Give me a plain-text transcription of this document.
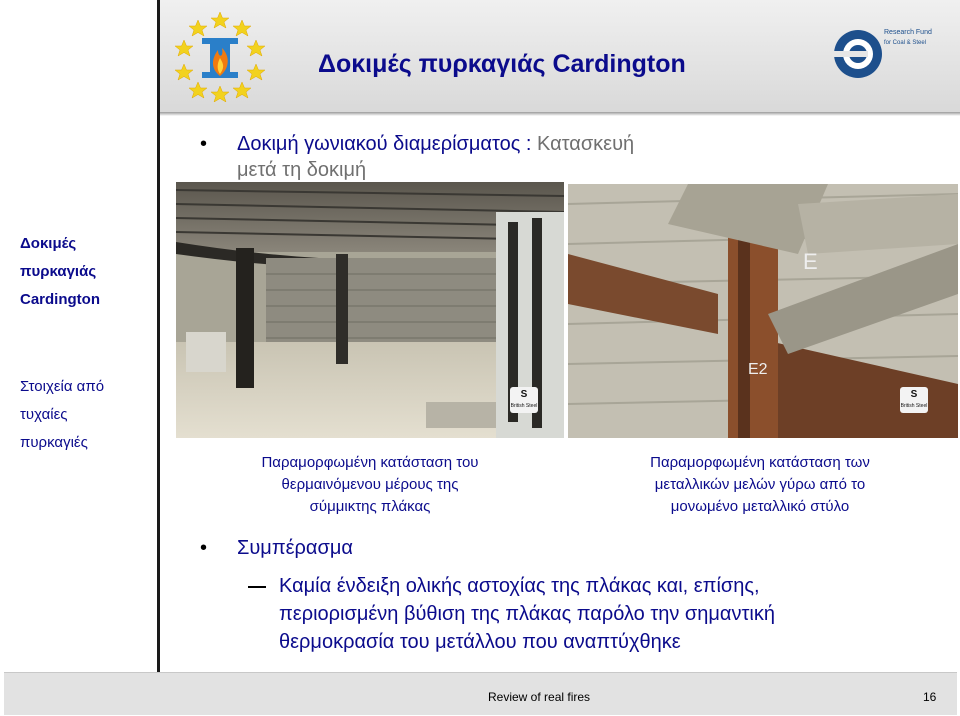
Research Fund
for Coal & Steel
Δοκιμές πυρκαγιάς Cardington
Δοκιμές
πυρκαγιάς
Cardington
Στοιχεία από
τυχαίες
πυρκαγιές
• Δοκιμή γωνιακού διαμερίσματος : Κατασκευή
μετά τη δοκιμή
S
British Steel
E
E2
S
British Steel
Παραμορφωμένη κατάσταση του
θερμαινόμενου μέρους της
σύμμικτης πλάκας
Παραμορφωμένη κατάσταση των
μεταλλικών μελών γύρω από το
μονωμένο μεταλλικό στύλο
• Συμπέρασμα
Καμία ένδειξη ολικής αστοχίας της πλάκας και, επίσης,
περιορισμένη βύθιση της πλάκας παρόλο την σημαντική
θερμοκρασία του μετάλλου που αναπτύχθηκε
Review of real fires	16
